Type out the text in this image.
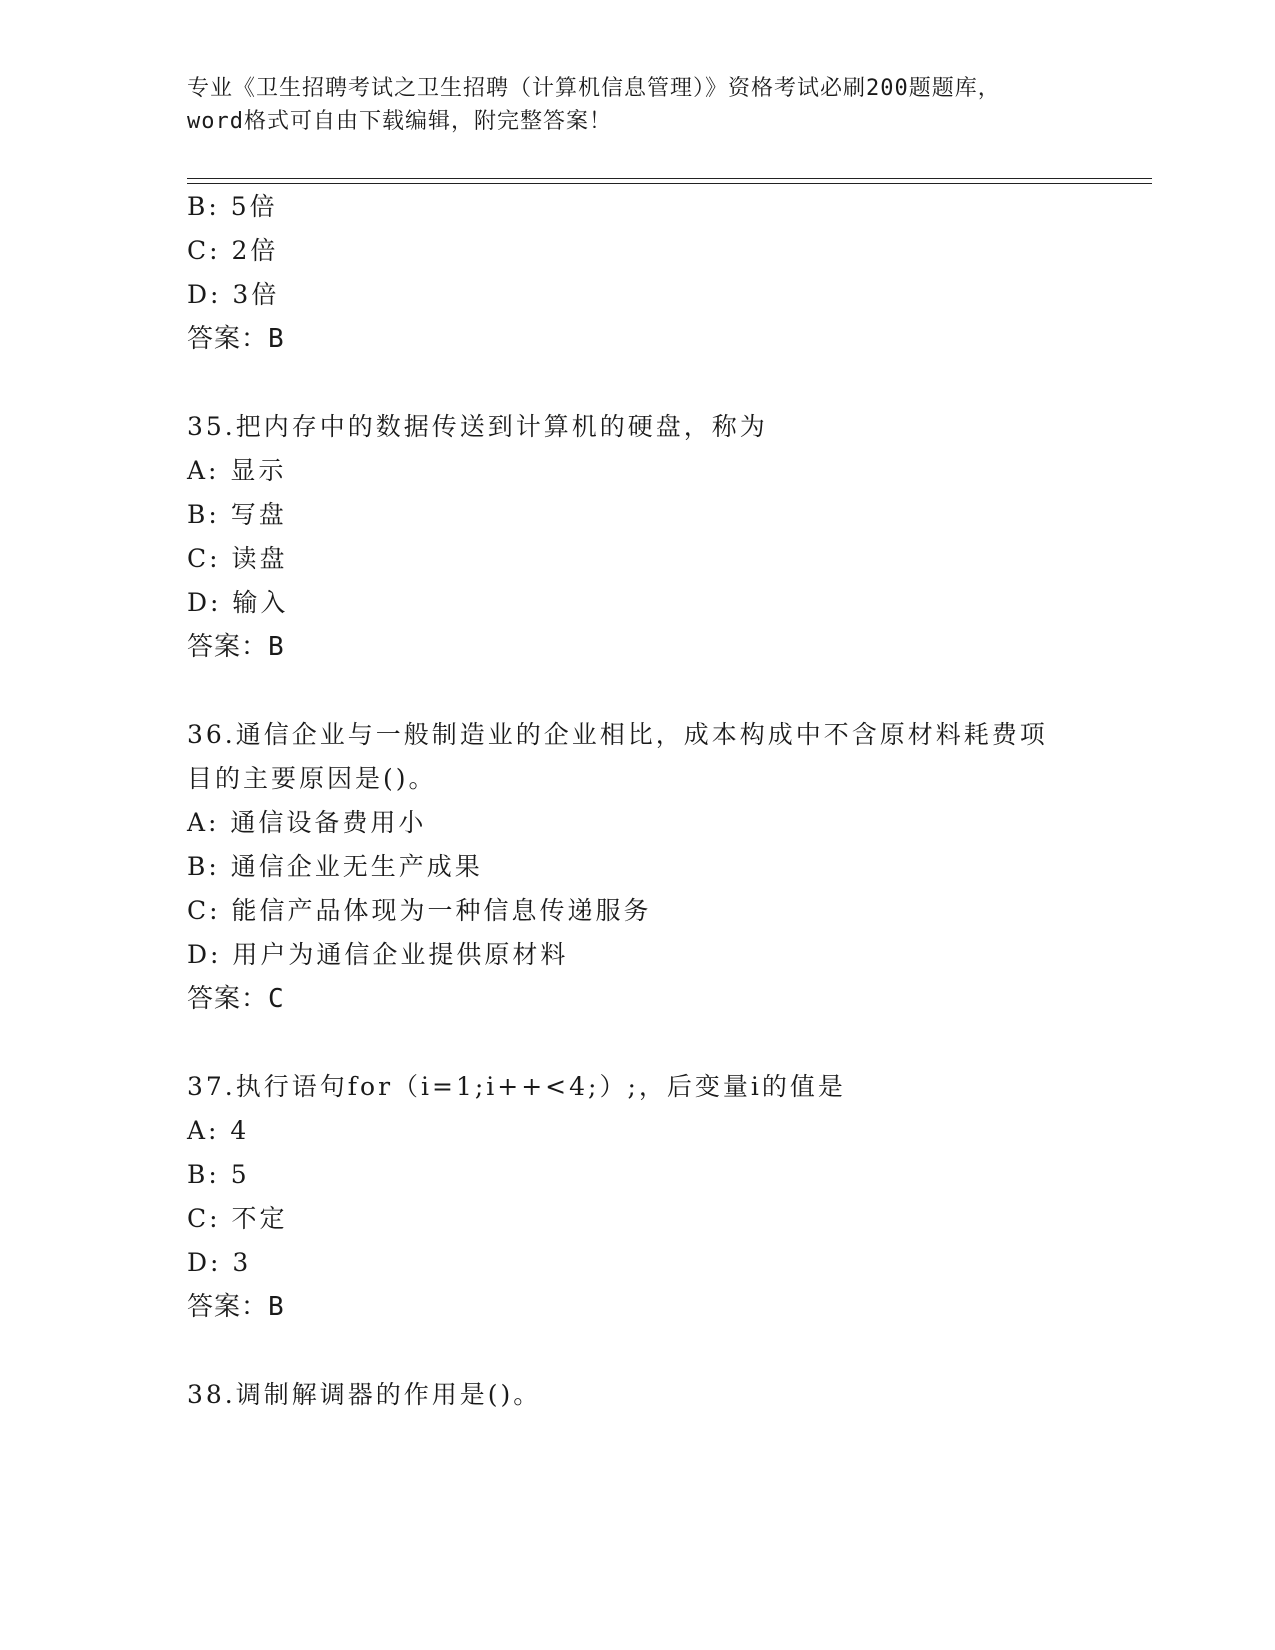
专业《卫生招聘考试之卫生招聘（计算机信息管理）》资格考试必刷200题题库，
word格式可自由下载编辑，附完整答案！
B: 5倍
C: 2倍
D: 3倍
答案：B
35.把内存中的数据传送到计算机的硬盘，称为
A: 显示
B: 写盘
C: 读盘
D: 输入
答案：B
36.通信企业与一般制造业的企业相比，成本构成中不含原材料耗费项
目的主要原因是()。
A: 通信设备费用小
B: 通信企业无生产成果
C: 能信产品体现为一种信息传递服务
D: 用户为通信企业提供原材料
答案：C
37.执行语句for（i=1;i++<4;）;，后变量i的值是
A: 4
B: 5
C: 不定
D: 3
答案：B
38.调制解调器的作用是()。
